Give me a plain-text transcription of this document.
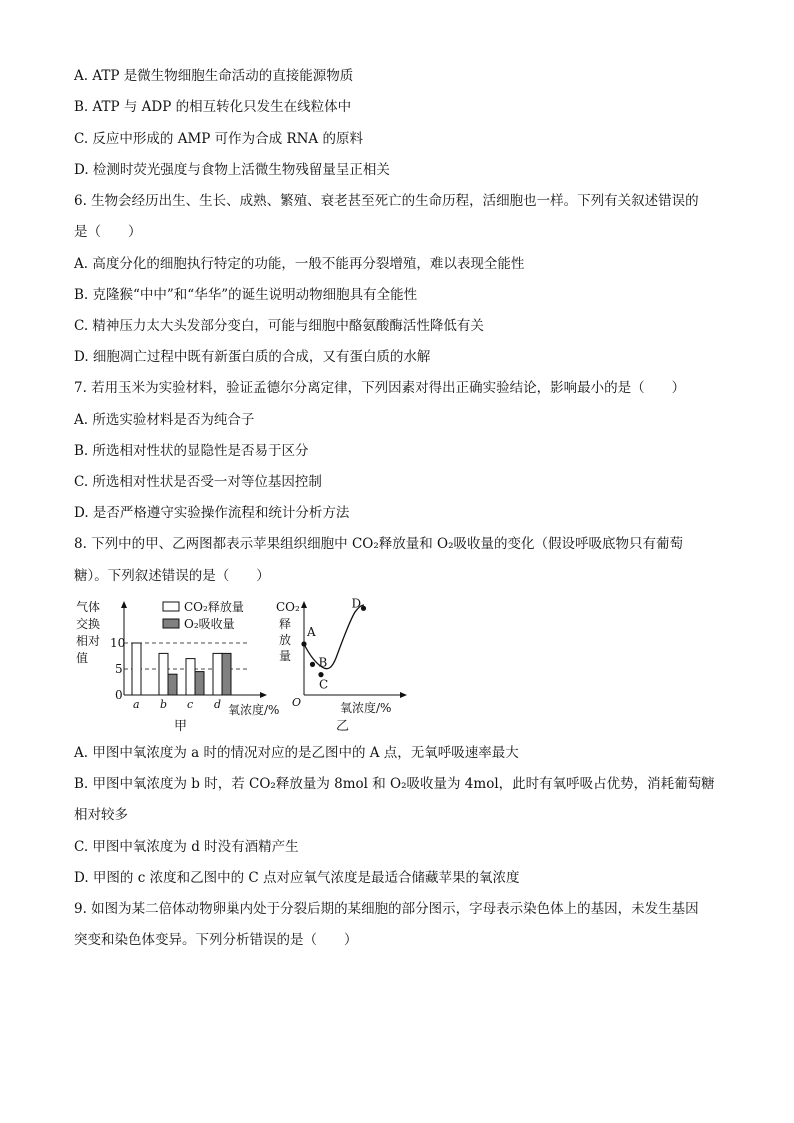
A. ATP 是微生物细胞生命活动的直接能源物质
B. ATP 与 ADP 的相互转化只发生在线粒体中
C. 反应中形成的 AMP 可作为合成 RNA 的原料
D. 检测时荧光强度与食物上活微生物残留量呈正相关
6. 生物会经历出生、生长、成熟、繁殖、衰老甚至死亡的生命历程，活细胞也一样。下列有关叙述错误的
是（　　）
A. 高度分化的细胞执行特定的功能，一般不能再分裂增殖，难以表现全能性
B. 克隆猴“中中”和“华华”的诞生说明动物细胞具有全能性
C. 精神压力太大头发部分变白，可能与细胞中酪氨酸酶活性降低有关
D. 细胞凋亡过程中既有新蛋白质的合成，又有蛋白质的水解
7. 若用玉米为实验材料，验证孟德尔分离定律，下列因素对得出正确实验结论，影响最小的是（　　）
A. 所选实验材料是否为纯合子
B. 所选相对性状的显隐性是否易于区分
C. 所选相对性状是否受一对等位基因控制
D. 是否严格遵守实验操作流程和统计分析方法
8. 下列中的甲、乙两图都表示苹果组织细胞中 CO₂释放量和 O₂吸收量的变化（假设呼吸底物只有葡萄
糖）。下列叙述错误的是（　　）
A. 甲图中氧浓度为 a 时的情况对应的是乙图中的 A 点，无氧呼吸速率最大
B. 甲图中氧浓度为 b 时，若 CO₂释放量为 8mol 和 O₂吸收量为 4mol，此时有氧呼吸占优势，消耗葡萄糖
相对较多
C. 甲图中氧浓度为 d 时没有酒精产生
D. 甲图的 c 浓度和乙图中的 C 点对应氧气浓度是最适合储藏苹果的氧浓度
9. 如图为某二倍体动物卵巢内处于分裂后期的某细胞的部分图示，字母表示染色体上的基因，未发生基因
突变和染色体变异。下列分析错误的是（　　）
气体
交换
相对
值
0
5
10
a b c d
CO₂释放量
O₂吸收量
氧浓度/%
甲
CO₂
释
放
量
O
A
B
C
D
氧浓度/%
乙
